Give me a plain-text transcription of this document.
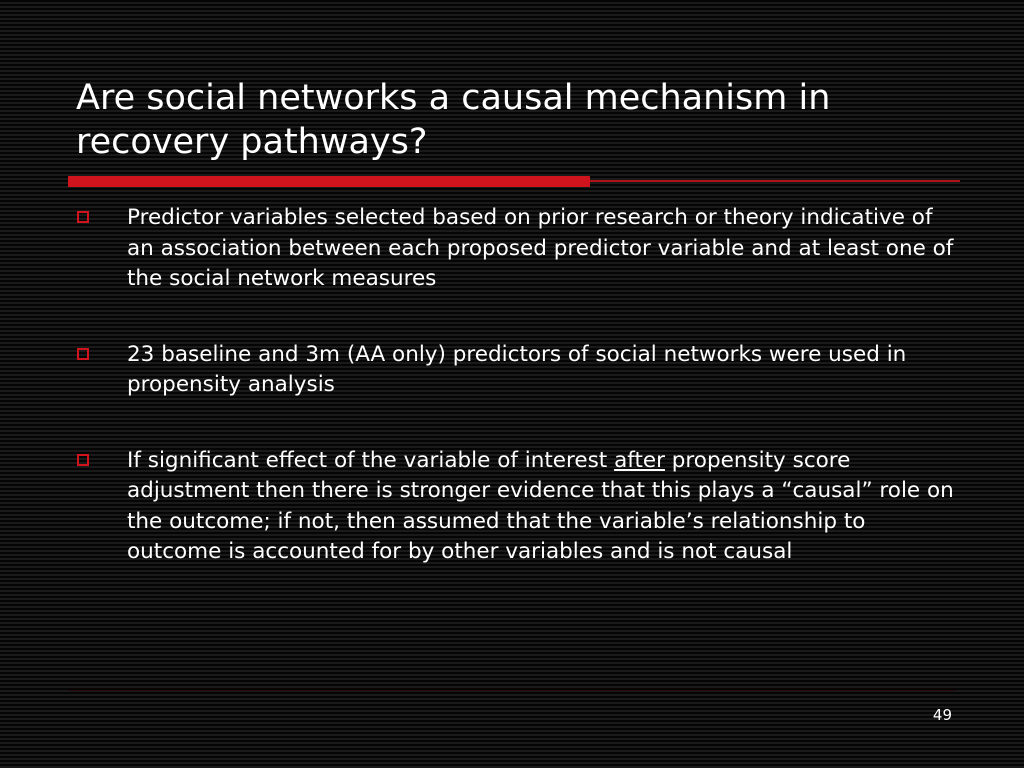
Are social networks a causal mechanism in recovery pathways?
Predictor variables selected based on prior research or theory indicative of an association between each proposed predictor variable and at least one of the social network measures
23 baseline and 3m (AA only) predictors of social networks were used in propensity analysis
If significant effect of the variable of interest after propensity score adjustment then there is stronger evidence that this plays a “causal” role on the outcome; if not, then assumed that the variable’s relationship to outcome is accounted for by other variables and is not causal
49
